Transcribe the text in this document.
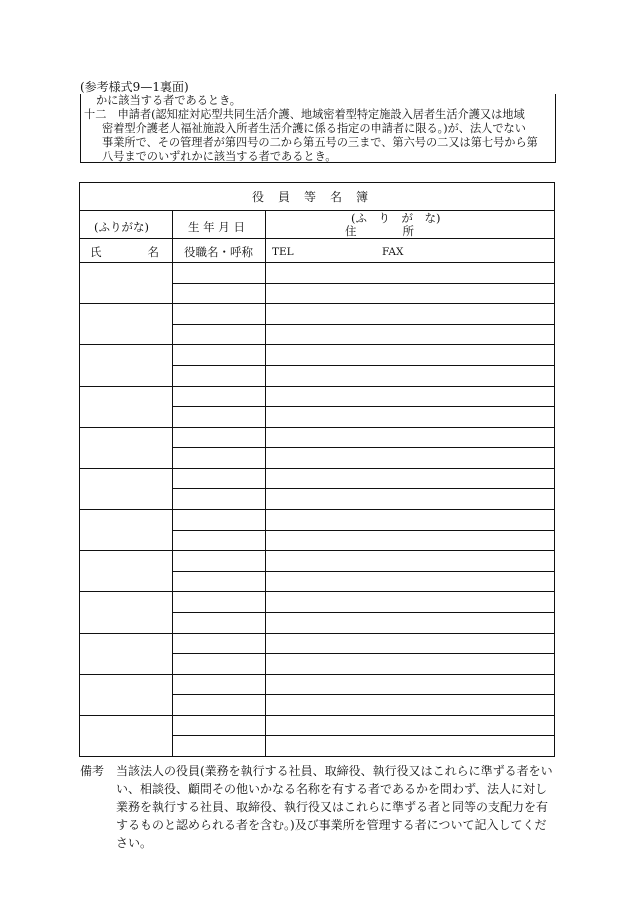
(参考様式9—1裏面)
かに該当する者であるとき。
十二　申請者(認知症対応型共同生活介護、地域密着型特定施設入居者生活介護又は地域
密着型介護老人福祉施設入所者生活介護に係る指定の申請者に限る。)が、法人でない
事業所で、その管理者が第四号の二から第五号の三まで、第六号の二又は第七号から第
八号までのいずれかに該当する者であるとき。
役員等名簿
(ふりがな)
氏　　　　名
生 年 月 日
役職名・呼称
(ふ　り　が　な)
住　　　　所
TEL	FAX
備考 当該法人の役員(業務を執行する社員、取締役、執行役又はこれらに準ずる者をいい、相談役、顧問その他いかなる名称を有する者であるかを問わず、法人に対し業務を執行する社員、取締役、執行役又はこれらに準ずる者と同等の支配力を有するものと認められる者を含む。)及び事業所を管理する者について記入してください。
